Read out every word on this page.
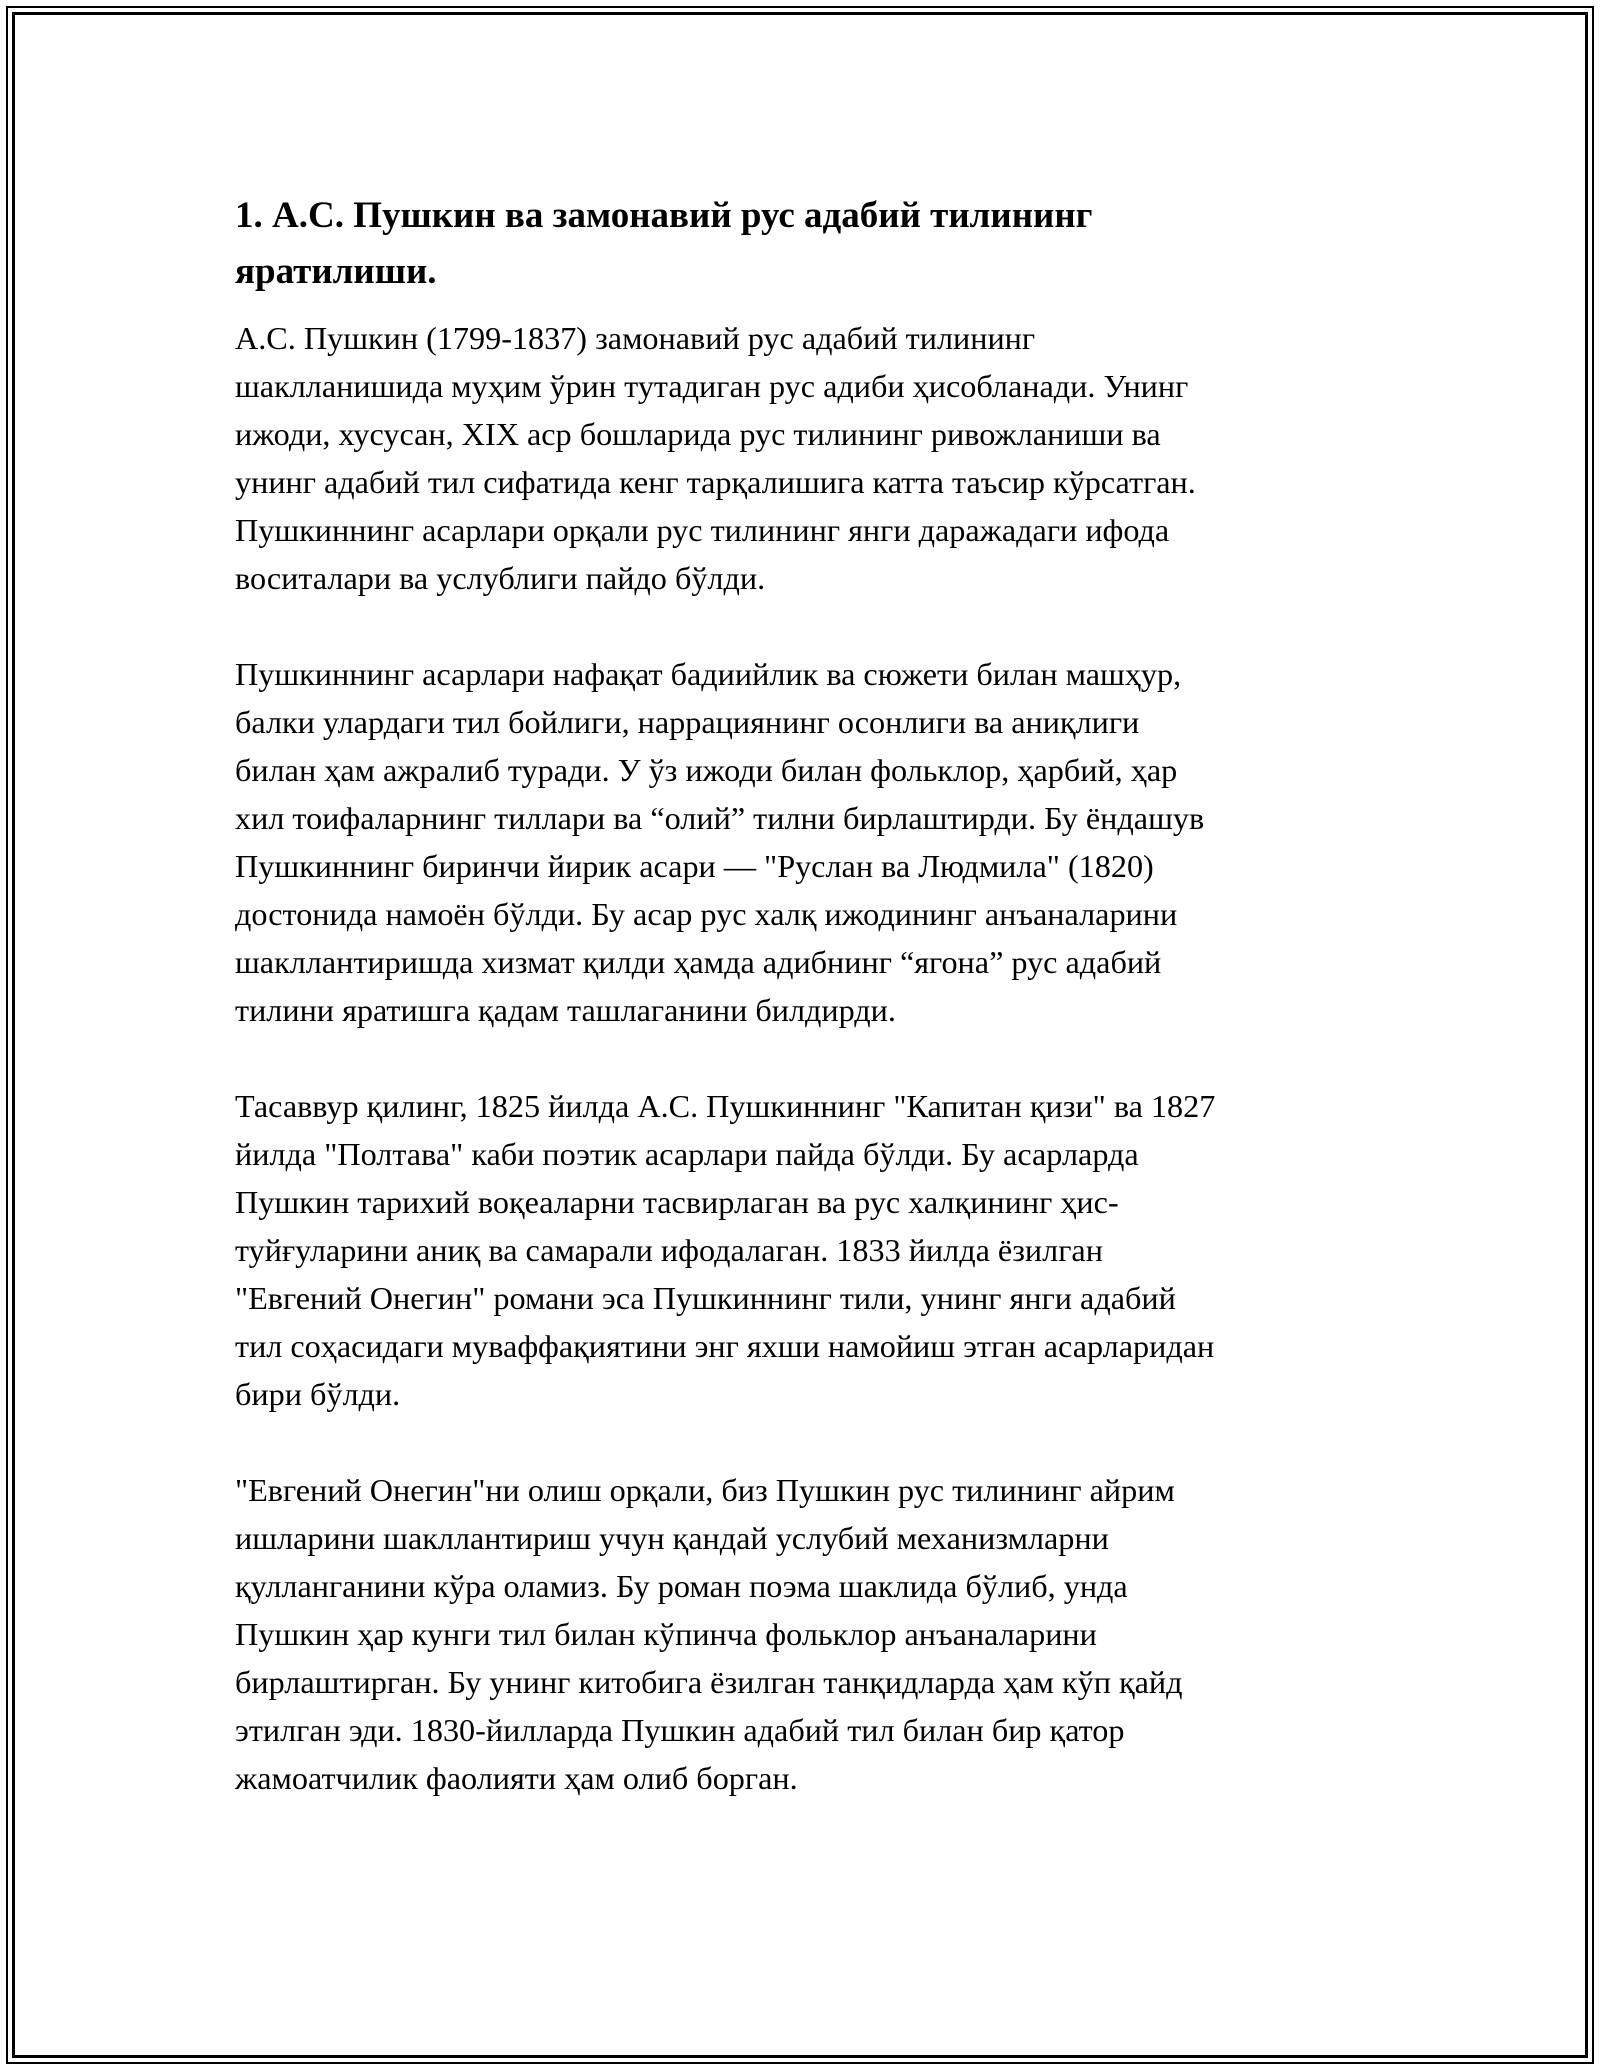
1. А.С. Пушкин ва замонавий рус адабий тилининг яратилиши.

А.С. Пушкин (1799-1837) замонавий рус адабий тилининг
шаклланишида муҳим ўрин тутадиган рус адиби ҳисобланади. Унинг
ижоди, хусусан, XIX аср бошларида рус тилининг ривожланиши ва
унинг адабий тил сифатида кенг тарқалишига катта таъсир кўрсатган.
Пушкиннинг асарлари орқали рус тилининг янги даражадаги ифода
воситалари ва услублиги пайдо бўлди.

Пушкиннинг асарлари нафақат бадиийлик ва сюжети билан машҳур,
балки улардаги тил бойлиги, наррациянинг осонлиги ва аниқлиги
билан ҳам ажралиб туради. У ўз ижоди билан фольклор, ҳарбий, ҳар
хил тоифаларнинг тиллари ва “олий” тилни бирлаштирди. Бу ёндашув
Пушкиннинг биринчи йирик асари — "Руслан ва Людмила" (1820)
достонида намоён бўлди. Бу асар рус халқ ижодининг анъаналарини
шакллантиришда хизмат қилди ҳамда адибнинг “ягона” рус адабий
тилини яратишга қадам ташлаганини билдирди.

Тасаввур қилинг, 1825 йилда А.С. Пушкиннинг "Капитан қизи" ва 1827
йилда "Полтава" каби поэтик асарлари пайда бўлди. Бу асарларда
Пушкин тарихий воқеаларни тасвирлаган ва рус халқининг ҳис-
туйғуларини аниқ ва самарали ифодалаган. 1833 йилда ёзилган
"Евгений Онегин" романи эса Пушкиннинг тили, унинг янги адабий
тил соҳасидаги муваффақиятини энг яхши намойиш этган асарларидан
бири бўлди.

"Евгений Онегин"ни олиш орқали, биз Пушкин рус тилининг айрим
ишларини шакллантириш учун қандай услубий механизмларни
қулланганини кўра оламиз. Бу роман поэма шаклида бўлиб, унда
Пушкин ҳар кунги тил билан кўпинча фольклор анъаналарини
бирлаштирган. Бу унинг китобига ёзилган танқидларда ҳам кўп қайд
этилган эди. 1830-йилларда Пушкин адабий тил билан бир қатор
жамоатчилик фаолияти ҳам олиб борган.
